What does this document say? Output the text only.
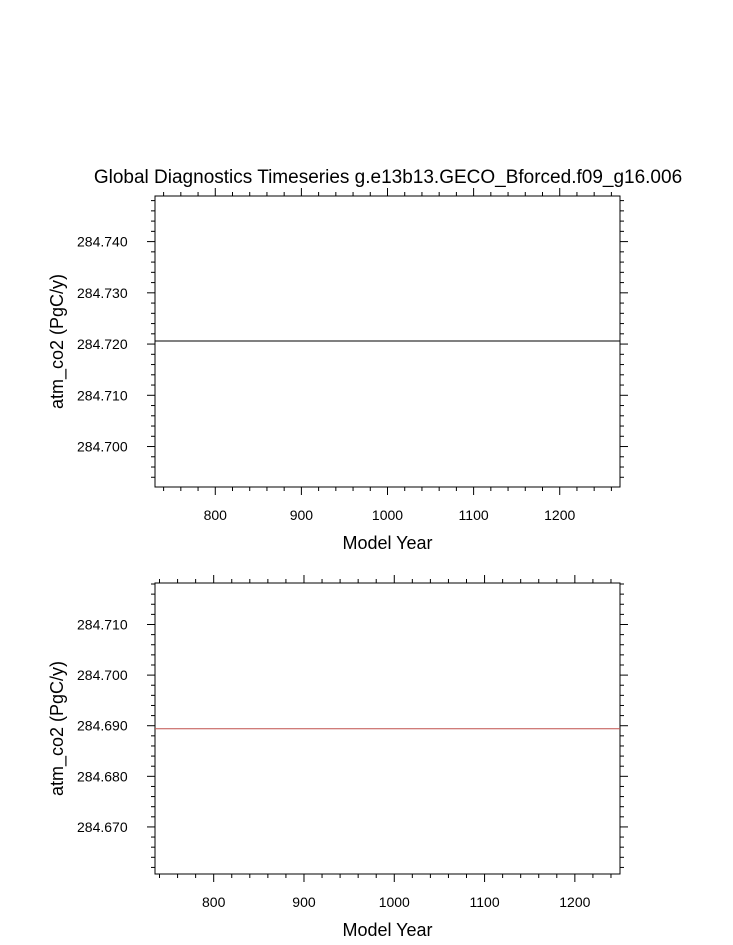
Global Diagnostics Timeseries g.e13b13.GECO_Bforced.f09_g16.006
800	900	1000	1100	1200
284.700
284.710
284.720
284.730
284.740
Model Year
atm_co2 (PgC/y)
800	900	1000	1100	1200
284.670
284.680
284.690
284.700
284.710
Model Year
atm_co2 (PgC/y)
